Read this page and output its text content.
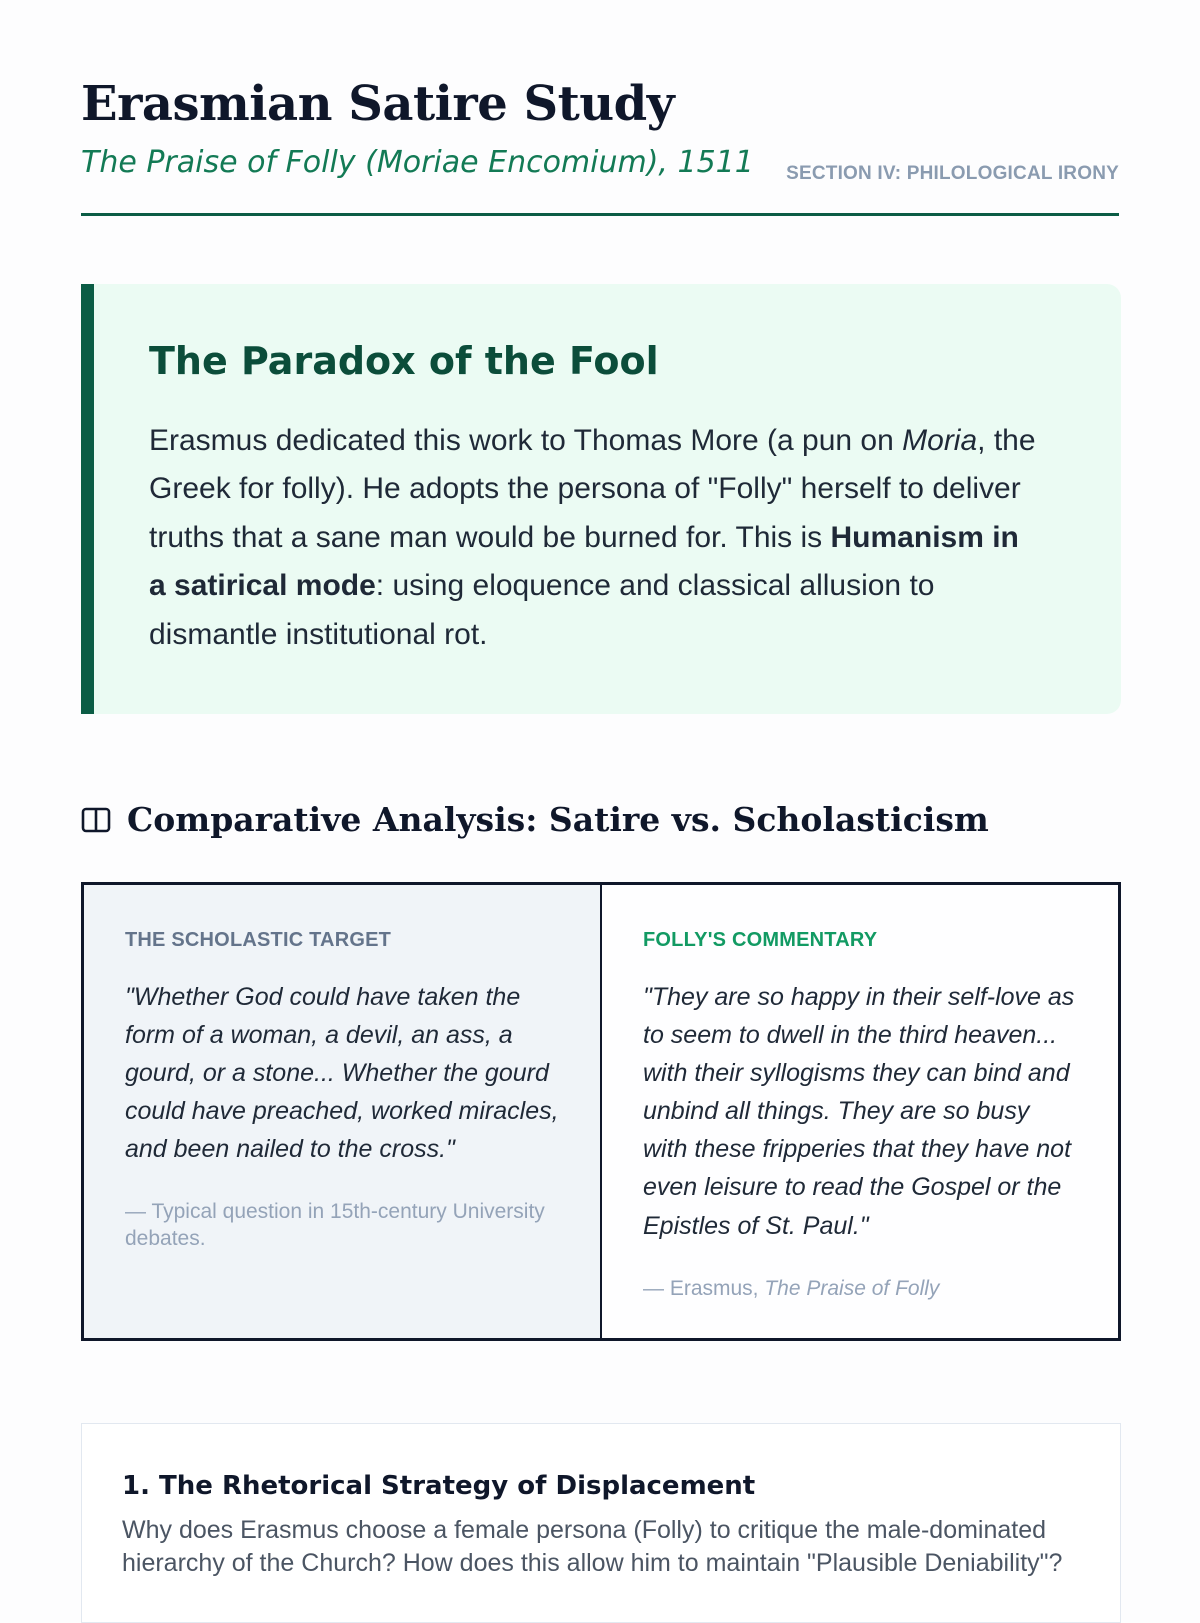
Erasmian Satire Study

The Praise of Folly (Moriae Encomium), 1511 SECTION IV: PHILOLOGICAL IRONY
The Paradox of the Fool

Erasmus dedicated this work to Thomas More (a pun on Moria, the Greek for folly). He adopts the persona of "Folly" herself to deliver truths that a sane man would be burned for. This is Humanism in a satirical mode: using eloquence and classical allusion to dismantle institutional rot.

Comparative Analysis: Satire vs. Scholasticism
THE SCHOLASTIC TARGET

"Whether God could have taken the form of a woman, a devil, an ass, a gourd, or a stone... Whether the gourd could have preached, worked miracles, and been nailed to the cross."

— Typical question in 15th-century University debates.
FOLLY'S COMMENTARY

"They are so happy in their self-love as to seem to dwell in the third heaven... with their syllogisms they can bind and unbind all things. They are so busy with these fripperies that they have not even leisure to read the Gospel or the Epistles of St. Paul."

— Erasmus, The Praise of Folly
1. The Rhetorical Strategy of Displacement

Why does Erasmus choose a female persona (Folly) to critique the male-dominated hierarchy of the Church? How does this allow him to maintain "Plausible Deniability"?
